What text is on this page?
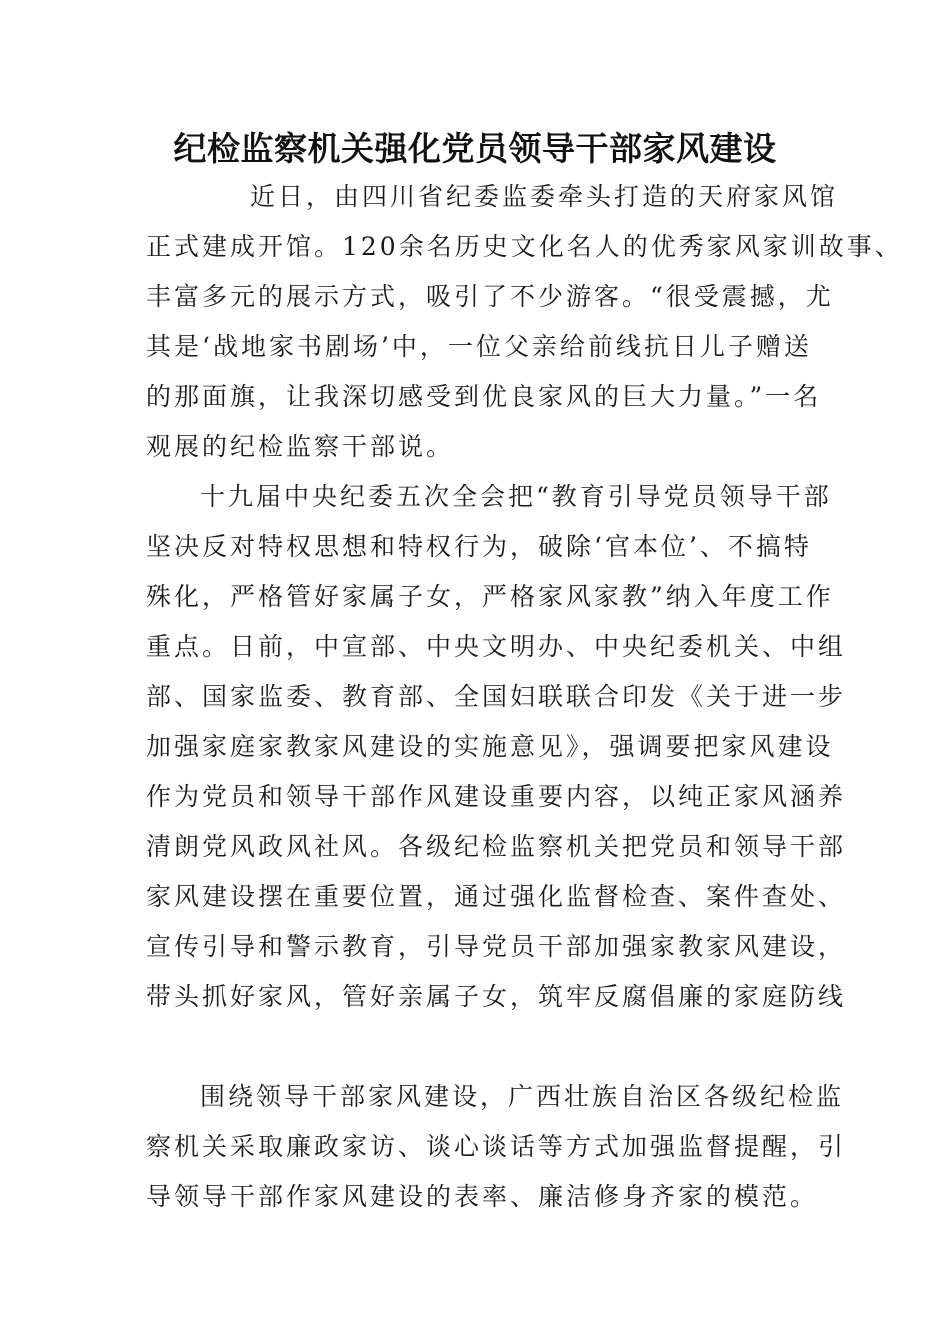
纪检监察机关强化党员领导干部家风建设
近日，由四川省纪委监委牵头打造的天府家风馆
正式建成开馆。120余名历史文化名人的优秀家风家训故事、
丰富多元的展示方式，吸引了不少游客。“很受震撼，尤
其是‘战地家书剧场’中，一位父亲给前线抗日儿子赠送
的那面旗，让我深切感受到优良家风的巨大力量。”一名
观展的纪检监察干部说。
十九届中央纪委五次全会把“教育引导党员领导干部
坚决反对特权思想和特权行为，破除‘官本位’、不搞特
殊化，严格管好家属子女，严格家风家教”纳入年度工作
重点。日前，中宣部、中央文明办、中央纪委机关、中组
部、国家监委、教育部、全国妇联联合印发《关于进一步
加强家庭家教家风建设的实施意见》，强调要把家风建设
作为党员和领导干部作风建设重要内容，以纯正家风涵养
清朗党风政风社风。各级纪检监察机关把党员和领导干部
家风建设摆在重要位置，通过强化监督检查、案件查处、
宣传引导和警示教育，引导党员干部加强家教家风建设，
带头抓好家风，管好亲属子女，筑牢反腐倡廉的家庭防线
围绕领导干部家风建设，广西壮族自治区各级纪检监
察机关采取廉政家访、谈心谈话等方式加强监督提醒，引
导领导干部作家风建设的表率、廉洁修身齐家的模范。
